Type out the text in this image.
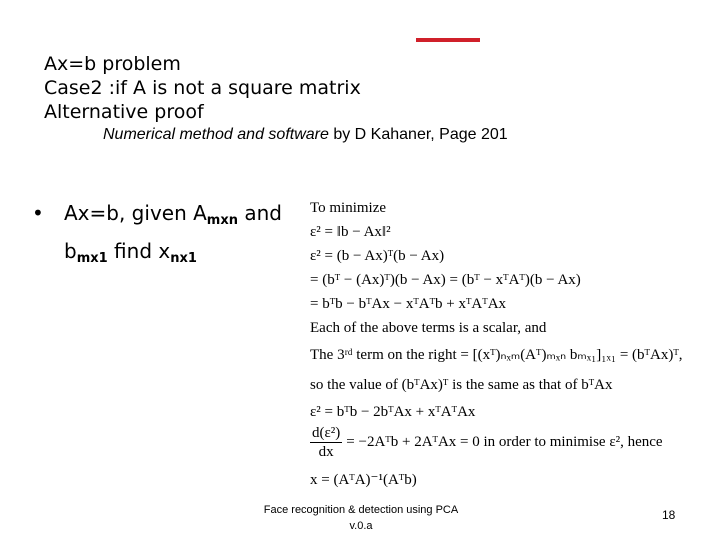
Ax=b problem
Case2 :if A is not a square matrix
Alternative proof
Numerical method and software by D Kahaner, Page 201
• Ax=b, given $A_{mxn}$ and $b_{mx1}$ find $x_{nx1}$
To minimize
ε² = ‖b − Ax‖²
ε² = (b − Ax)ᵀ(b − Ax)
= (bᵀ − (Ax)ᵀ)(b − Ax) = (bᵀ − xᵀAᵀ)(b − Ax)
= bᵀb − bᵀAx − xᵀAᵀb + xᵀAᵀAx
Each of the above terms is a scalar, and
The 3ʳᵈ term on the right = [(xᵀ)ₙₓₘ(Aᵀ)ₘₓₙ bₘₓ₁]₁ₓ₁ = (bᵀAx)ᵀ,
so the value of (bᵀAx)ᵀ is the same as that of bᵀAx
ε² = bᵀb − 2bᵀAx + xᵀAᵀAx
$\frac{\text{d(ε²)}}{dx}$ = −2Aᵀb + 2AᵀAx = 0 in order to minimise ε², hence
x = (AᵀA)⁻¹(Aᵀb)
Face recognition & detection using PCA
v.0.a
18
